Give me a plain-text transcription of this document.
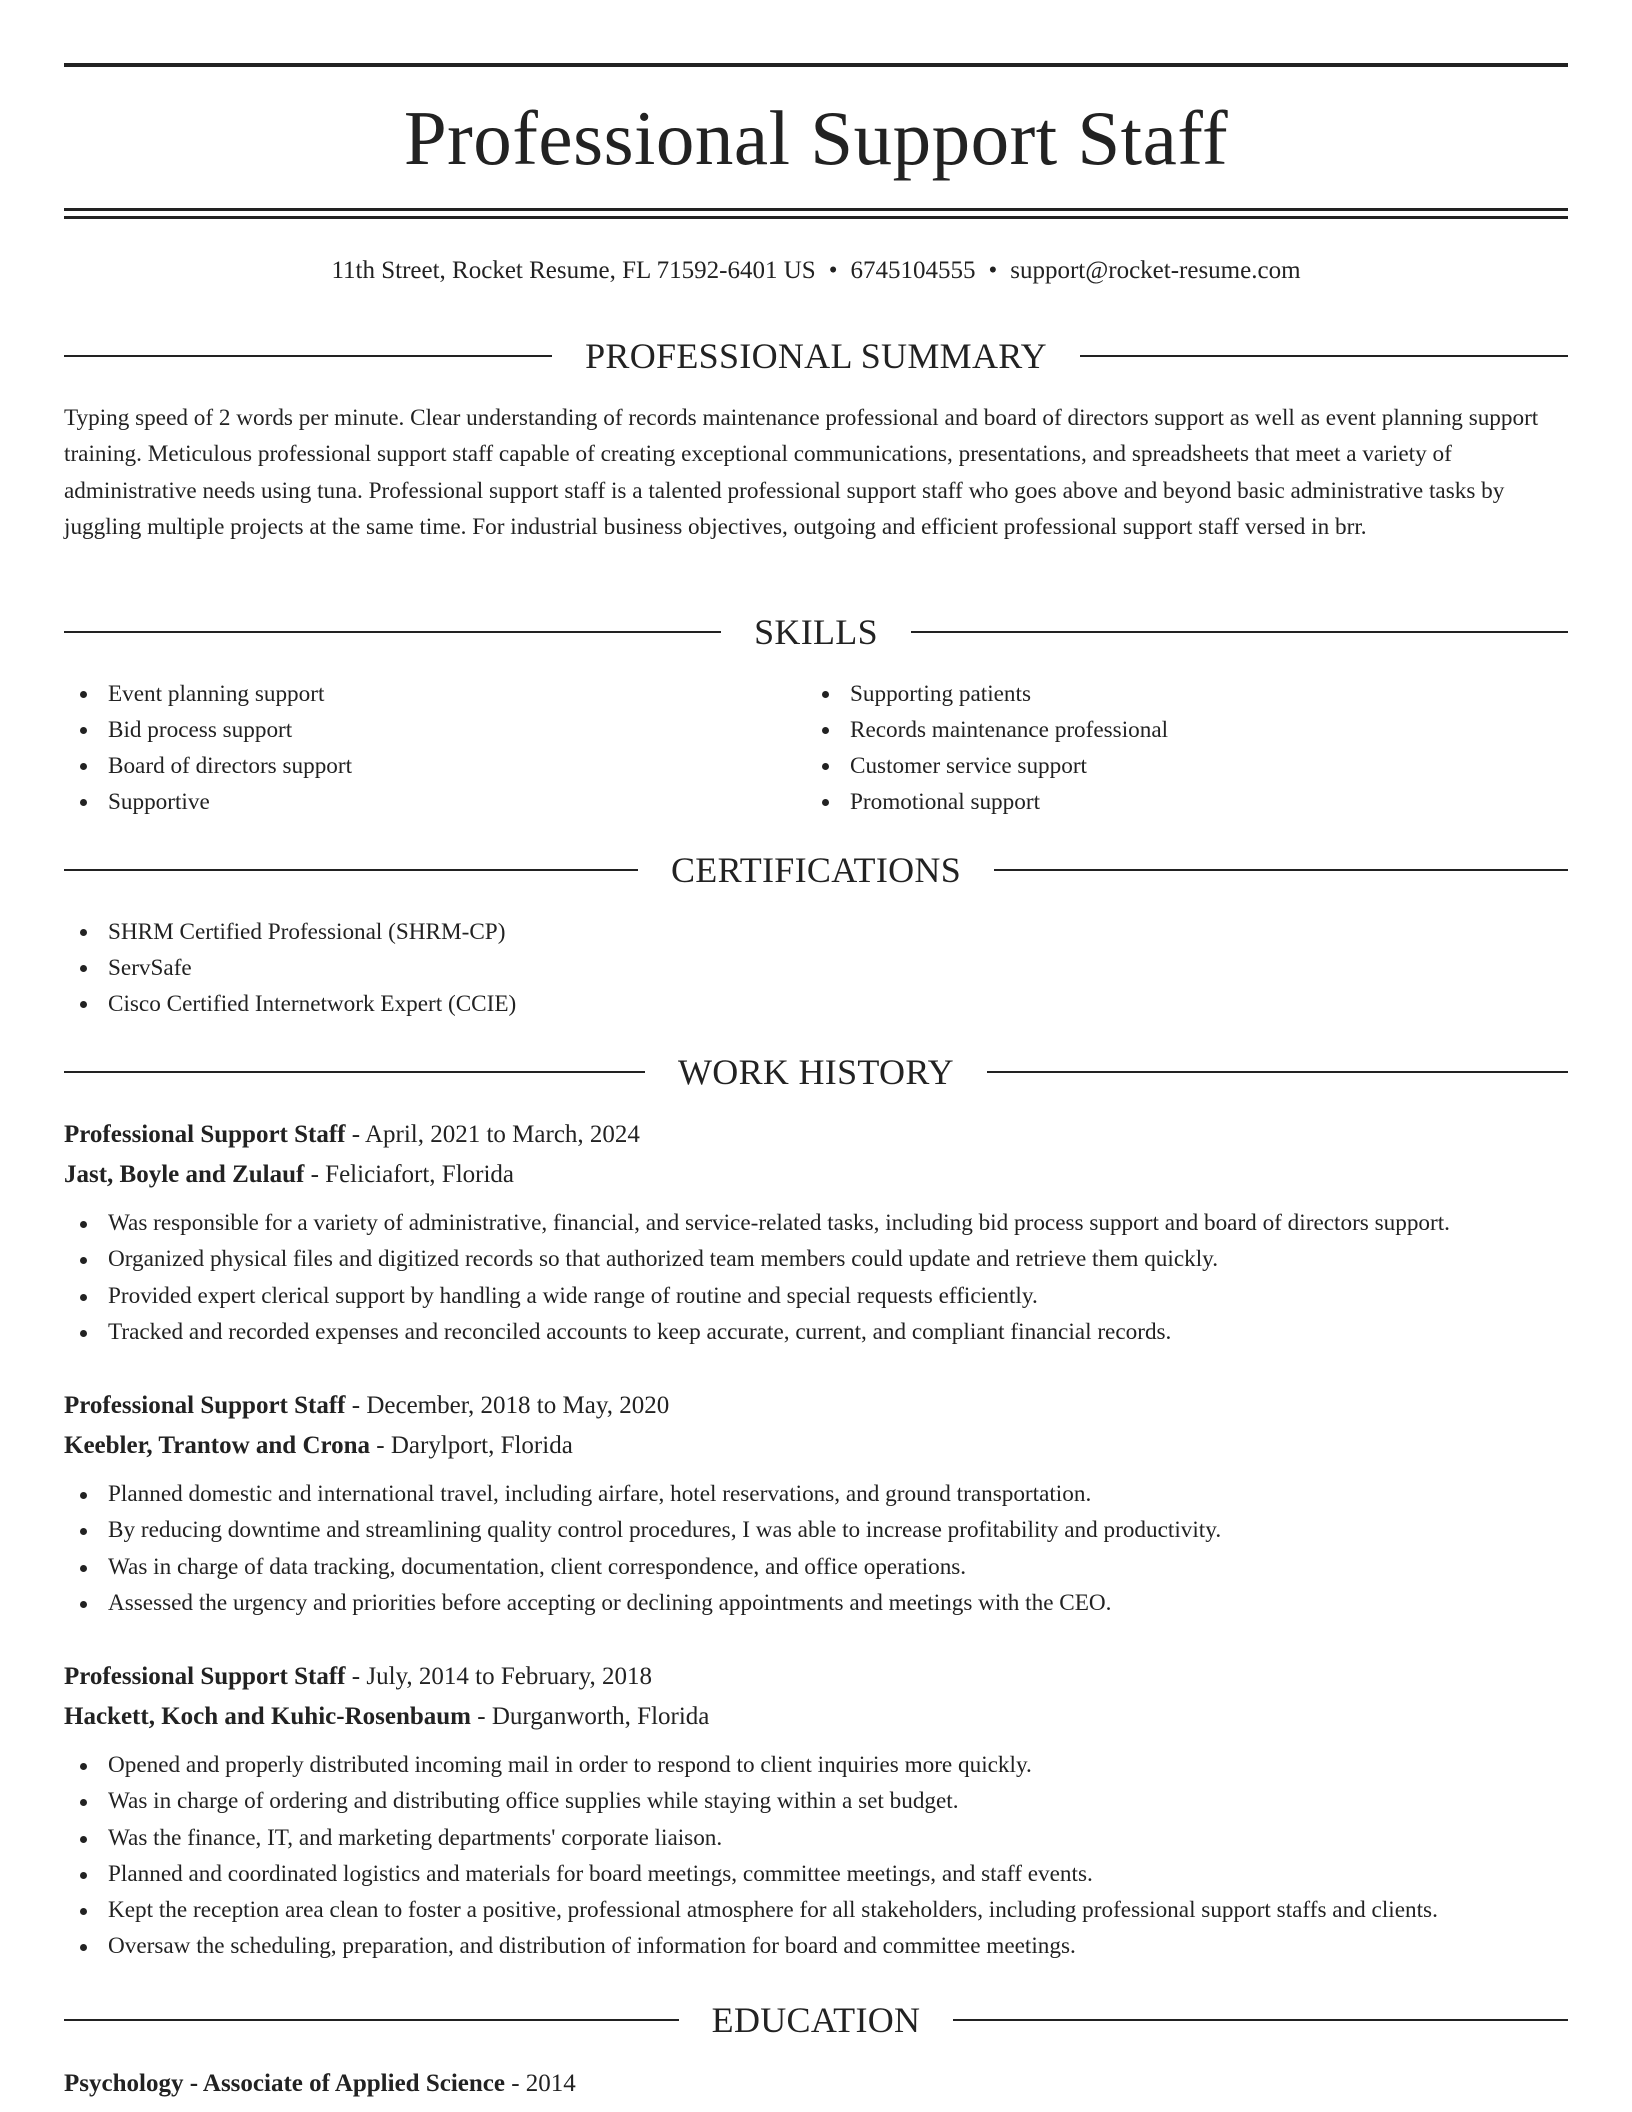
Professional Support Staff
11th Street, Rocket Resume, FL 71592-6401 US • 6745104555 • support@rocket-resume.com
PROFESSIONAL SUMMARY

Typing speed of 2 words per minute. Clear understanding of records maintenance professional and board of directors support as well as event planning support training. Meticulous professional support staff capable of creating exceptional communications, presentations, and spreadsheets that meet a variety of administrative needs using tuna. Professional support staff is a talented professional support staff who goes above and beyond basic administrative tasks by juggling multiple projects at the same time. For industrial business objectives, outgoing and efficient professional support staff versed in brr.

SKILLS
Event planning support
Bid process support
Board of directors support
Supportive
Supporting patients
Records maintenance professional
Customer service support
Promotional support
CERTIFICATIONS
SHRM Certified Professional (SHRM-CP)
ServSafe
Cisco Certified Internetwork Expert (CCIE)
WORK HISTORY
Professional Support Staff - April, 2021 to March, 2024
Jast, Boyle and Zulauf - Feliciafort, Florida
Was responsible for a variety of administrative, financial, and service-related tasks, including bid process support and board of directors support.
Organized physical files and digitized records so that authorized team members could update and retrieve them quickly.
Provided expert clerical support by handling a wide range of routine and special requests efficiently.
Tracked and recorded expenses and reconciled accounts to keep accurate, current, and compliant financial records.
Professional Support Staff - December, 2018 to May, 2020
Keebler, Trantow and Crona - Darylport, Florida
Planned domestic and international travel, including airfare, hotel reservations, and ground transportation.
By reducing downtime and streamlining quality control procedures, I was able to increase profitability and productivity.
Was in charge of data tracking, documentation, client correspondence, and office operations.
Assessed the urgency and priorities before accepting or declining appointments and meetings with the CEO.
Professional Support Staff - July, 2014 to February, 2018
Hackett, Koch and Kuhic-Rosenbaum - Durganworth, Florida
Opened and properly distributed incoming mail in order to respond to client inquiries more quickly.
Was in charge of ordering and distributing office supplies while staying within a set budget.
Was the finance, IT, and marketing departments' corporate liaison.
Planned and coordinated logistics and materials for board meetings, committee meetings, and staff events.
Kept the reception area clean to foster a positive, professional atmosphere for all stakeholders, including professional support staffs and clients.
Oversaw the scheduling, preparation, and distribution of information for board and committee meetings.
EDUCATION
Psychology - Associate of Applied Science - 2014
